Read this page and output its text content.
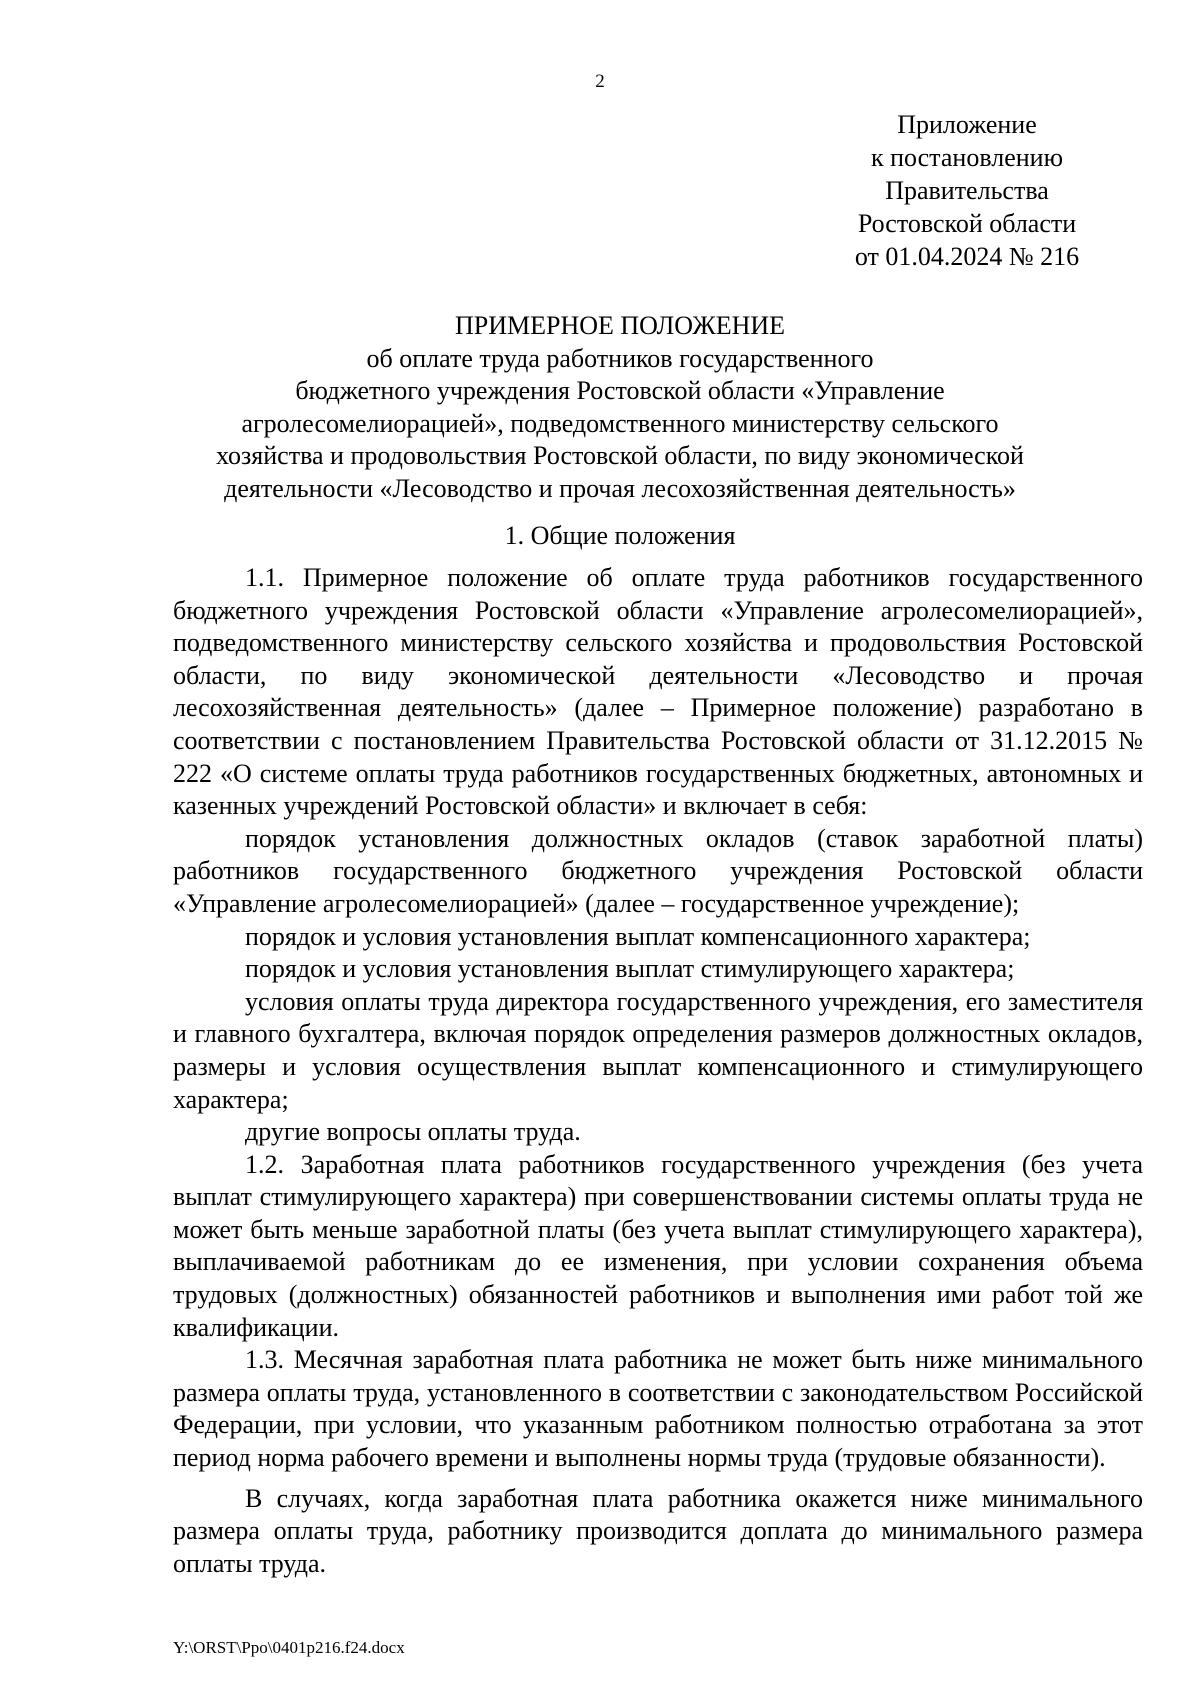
2
Приложение
к постановлению
Правительства
Ростовской области
от 01.04.2024 № 216
ПРИМЕРНОЕ ПОЛОЖЕНИЕ
об оплате труда работников государственного
бюджетного учреждения Ростовской области «Управление
агролесомелиорацией», подведомственного министерству сельского
хозяйства и продовольствия Ростовской области, по виду экономической
деятельности «Лесоводство и прочая лесохозяйственная деятельность»
1. Общие положения

1.1. Примерное положение об оплате труда работников государственного бюджетного учреждения Ростовской области «Управление агролесомелиорацией», подведомственного министерству сельского хозяйства и продовольствия Ростовской области, по виду экономической деятельности «Лесоводство и прочая лесохозяйственная деятельность» (далее – Примерное положение) разработано в соответствии с постановлением Правительства Ростовской области от 31.12.2015 № 222 «О системе оплаты труда работников государственных бюджетных, автономных и казенных учреждений Ростовской области» и включает в себя:

порядок установления должностных окладов (ставок заработной платы) работников государственного бюджетного учреждения Ростовской области «Управление агролесомелиорацией» (далее – государственное учреждение);

порядок и условия установления выплат компенсационного характера;

порядок и условия установления выплат стимулирующего характера;

условия оплаты труда директора государственного учреждения, его заместителя и главного бухгалтера, включая порядок определения размеров должностных окладов, размеры и условия осуществления выплат компенсационного и стимулирующего характера;

другие вопросы оплаты труда.

1.2. Заработная плата работников государственного учреждения (без учета выплат стимулирующего характера) при совершенствовании системы оплаты труда не может быть меньше заработной платы (без учета выплат стимулирующего характера), выплачиваемой работникам до ее изменения, при условии сохранения объема трудовых (должностных) обязанностей работников и выполнения ими работ той же квалификации.

1.3. Месячная заработная плата работника не может быть ниже минимального размера оплаты труда, установленного в соответствии с законодательством Российской Федерации, при условии, что указанным работником полностью отработана за этот период норма рабочего времени и выполнены нормы труда (трудовые обязанности).

В случаях, когда заработная плата работника окажется ниже минимального размера оплаты труда, работнику производится доплата до минимального размера оплаты труда.

Y:\ORST\Ppo\0401p216.f24.docx
